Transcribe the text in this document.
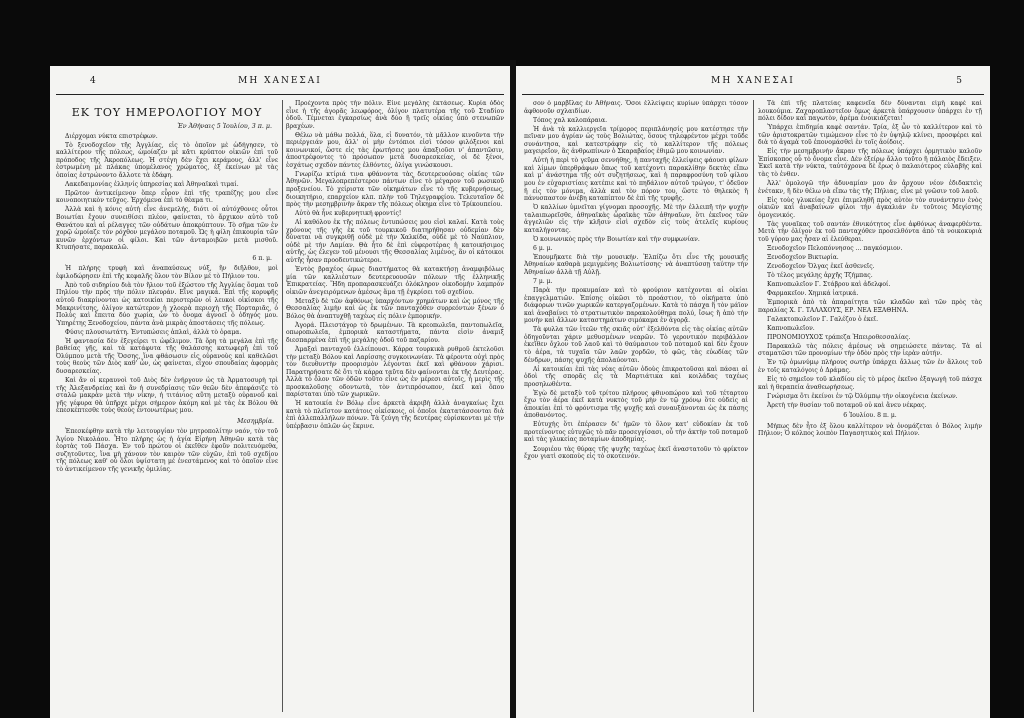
4	ΜΗ ΧΑΝΕΣΑΙ
ΕΚ ΤΟΥ ΗΜΕΡΟΛΟΓΙΟΥ ΜΟΥ
Ἐν Ἀθήναις 5 Ἰουλίου, 3 π. μ.

Διέρχομαι νύκτα επιστρέφων.

Τὸ ξενοδοχεῖον τῆς Ἀγγλίας, εἰς τὸ ὁποῖον μὲ ὡδήγησεν, τὸ καλλίτερον τῆς πόλεως, ὡμοίαζεν μὲ κᾶτι κρύπτον οἰκιῶν ἐπὶ τοῦ πρόποδος τῆς Ἀκροπόλεως. Ἡ στέγη δὲν ἔχει κεράμους, ἀλλ' εἶνε ἐστρωμένη μὲ πλάκας ὑπομέλανος χρώματος, ἐξ ἐκείνων μὲ τὰς ὁποίας ἐστρώνοντο ἄλλοτε τὰ ἐδάφη.

Λακεδαιμονίας ἐλληνίς ὑπηρεσίας καὶ Ἀθηναϊκαὶ τιμαί.

Πρῶτον ἀντικείμενον ὅπερ εὗρον ἐπὶ τῆς τραπέζης μου εἶνε κοινοποιητικὸν τεῦχος. Ἐρχόμενα ἐπὶ τὸ θέαμα τι.

Ἀλλὰ καὶ ἡ κόνις αὐτὴ εἶνε ἀνεμελής, διότι οἱ αὐτόχθονες οὗτοι Βοιωτίαι ἔχουν συνειθίσει πλέον, φαίνεται, τὸ ἄρχικον αὐτὸ τοῦ Θανάτου καὶ αἱ ρέλαγγες τῶν οὐδάτων ἀποκρύπτουν. Τὸ σῆμα τῶν ἐν χορῷ ὡμοίαζε τὸν ρόχθον μεγάλου ποταμοῦ. Ὡς ἡ φίλη ἐπικουρία τῶν κυνῶν ἐρχόντων οἱ φίλοι. Καὶ τῶν ἀνταμοιβῶν μετὰ μισθοῦ. Κτυπήσατε, παρακαλῶ.

6 π. μ.

Ἡ πλήρης τρυφὴ καὶ ἀναπαύσεως νύξ, ἣν διῆλθον, μοὶ ἐφιλοδώρησεν ἐπὶ τῆς κεφαλῆς ὅλον τὸν Βίλον μέ τὸ Πήλιον του.

Ἀπὸ τοῦ σιδηρίου διὰ τὸν ἥλιον τοῦ ἐξώστου τῆς Ἀγγλίας ὅσμαι τοῦ Πηλίου τὴν πρὸς τὴν πόλιν πλευράν. Εἶνε μαγικά. Ἐπὶ τῆς κορυφῆς αὐτοῦ διακρίνονται ὡς κατοικίαι περιστερῶν οἱ λευκοὶ οἰκίσκοι τῆς Μακρινίτσης, ὀλίγον κατώτερον ἡ χλοερὰ περιοχὴ τῆς Πορταριᾶς, ὁ Πολὺς καὶ ἔπειτα δύο χωρία, ὧν τὸ ὄνομα ἀγνοεῖ ὁ ὁδηγός μου. Ὑπηρέτης Ξενοδοχείου, πάντα ἀνὰ μικρὰς ἀποστάσεις τῆς πόλεως.

Φύσις πλουσιωτάτη. Ἐντυπώσεις ἁπλαὶ, ἀλλὰ τὸ ὁραμα.

Ἡ φαντασία δὲν ἐξεγείρει τι ὠφέλιμον. Τὰ ὄρη τὰ μεγάλα ἐπὶ τῆς βαθείας γῆς, καὶ τὰ κατάφυτα τῆς θαλάσσης κατωφερῆ ἐπὶ τοῦ Ὀλύμπου μετὰ τῆς Ὄσσης, ἵνα φθάσωσιν εἰς οὐρανοὺς καὶ καθελῶσι τοὺς θεοὺς τῶν Διὸς καθ' ὧν, ὡς φαίνεται, εἶχον σπουδαίας ἀφορμὰς δυσαρεσκείας.

Καὶ ἂν οἱ κεραυνοὶ τοῦ Διὸς δὲν ἐνήργουν ὡς τὰ Ἀρματοσυρὴ τρὶ τῆς Ἀλεξανδρείας καὶ ἂν ἡ συνεδρίασις τῶν θεῶν δὲν ἀπεφάσιζε τὸ σταλῶ μακρὰν μετὰ τὴν νίκην, ἡ τιτάνιος αὕτη μεταξὺ οὐρανοῦ καὶ γῆς γέφυρα θὰ ὑπῆρχε μέχρι σήμερον ἀκόμη καὶ μὲ τὰς ἐκ Βόλου θὰ ἐπεσκέπτεσθε τοὺς θεοὺς ἐντονωτέρως μου.

Μεσημβρία.

Ἐπεσκέφθην κατὰ τὴν λειτουργίαν τὸν μητροπολίτην ναόν, τὸν τοῦ Ἁγίου Νικολάου. Ἦτο πλήρης ὡς ἡ ἀγία Εἰρήνη Ἀθηνῶν κατὰ τὰς ἑορτὰς τοῦ Πάσχα. Ἐν τοῦ πρώτου οἱ ἐκεῖθεν ἐφοῦν πολιτευόμεθα, συζητοῦντες, ἵνα μὴ χάνουν τὸν καιρὸν τῶν εὐχῶν, ἐπὶ τοῦ σχεδίου τῆς πόλεως καθ' οὗ ὅλοι ὑψίστατη μὲ ἐνεστάμενος καὶ τὸ ὁποῖον εἶνε τὸ ἀντικείμενον τῆς γενικῆς ὁμιλίας.

Προέχοντα πρὸς τὴν πόλιν. Εἶνε μεγάλης ἐκτάσεως. Κυρία ὁδὸς εἶνε ἡ τῆς ἀγορᾶς λεωφόρος, ὀλίγον πλατυτέρα τῆς τοῦ Σταδίου ὁδοῦ. Τέμνεται ἐγκαρσίως ἀνὰ δύο ἢ τρεῖς οἰκίας ὑπὸ στενωπῶν βραχέων.

Θέλω νὰ μάθω πολλά, ὅλα, εἰ δυνατόν, τὰ μᾶλλον κινοῦντα τὴν περιέργειάν μου, ἀλλ' οἱ μὴν ἐντόπιοι εἰσὶ τόσον φιλόξενοι καὶ κοινωνικοί, ὥστε εἰς τὰς ἐρωτήσεις μου ἀπαξιοῦσι ν' ἀπαντῶσιν, ἀποστρέφοντες τὸ πρόσωπον μετὰ δυσαρεσκείας, οἱ δὲ ξένοι, ἐσχάτως σχεδὸν πάντες ἐλθόντες, ὀλίγα γινώσκουσι.

Γνωρίζω κτίριά τινα φθάνοντα τὰς δευτερευούσας οἰκίας τῶν Ἀθηνῶν. Μεγαλοπρεπέστερον πάντων εἶνε τὸ μέγαρον τοῦ ρωσικοῦ προξενείου. Τὸ χείριστα τῶν οἰκημάτων εἶνε τὸ τῆς κυβερνήσεως, διοικητήριο, επαρχείον κλπ. πλὴν τοῦ Τηλεγραφείου. Τελευταῖον δὲ πρὸς τὴν μεσημβρινὴν ἄκραν τῆς πόλεως οἴκημα εἶνε τὸ Τρίκουπείου.

Αὐτὸ θὰ ἦνε κυβερνητική φροντίς!

Αἱ καθόλου ἐκ τῆς πόλεως ἐντυπώσεις μου εἰσὶ καλαί. Κατὰ τοὺς χρόνους τῆς γῆς ἐκ τοῦ τουρκικοῦ διατηρήθησαν οὐδεμίαν δὲν δύναται νὰ συγκριθῇ οὐδὲ μὲ τὴν Χαλκίδα, οὐδὲ μὲ τὸ Ναύπλιον, οὐδὲ μὲ τὴν Λαμίαν. Θὰ ἦτο δὲ ἐπὶ εὐφεροτέρας ἡ κατοικήσιμος αὐτῆς, ὡς ἐλεγεν τοῦ μένουσι τῆς Θεσσαλίας λιμένος, ἂν οἱ κάτοικοι αὐτῆς ἦσαν προοδευτικώτεροι.

Ἐντὸς βραχέος ὡμως διαστήματος θὰ κατακτήσῃ ἀναμφιβόλως μία τῶν καλλιέστων δευτερευουσῶν πόλεων τῆς ἑλληνικῆς Ἐπικρατείας. Ἤδη προπαρασκευάζει ὀλόκληρον οἰκοδομὴν λαμπρὸν οἰκιῶν ἀνεγειρόμενων ἀμέσως ἅμα τῇ ἐγκρίσει τοῦ σχεδίου.

Μεταξὺ δὲ τῶν ἀφθόνως ὑπαρχόντων χρημάτων καὶ ὡς μόνος τῆς Θεσσαλίας λιμὴν καὶ ὡς ἐκ τῶν πανταχόθεν συρρεόντων ξένων ὁ Βόλος θὰ ἀναπτυχθῇ ταχέως εἰς πόλιν ἐμπορικήν.

Ἀγορά. Πλειστάγορ τὸ δρωμένων. Τὰ κρεοπωλεῖα, παντοπωλεῖα, οπωροπωλεῖα, ἐμπορικὰ καταστήματα, πάντα εἰσὶν ἀναμιξ διεσπαρμένα ἐπὶ τῆς μεγάλης ὁδοῦ τοῦ παζαρίου.

Ἀμαξαὶ πανταχοῦ ἐλλείπουσι. Κάρρα τουρκικὰ ρυθμοῦ ἐκτελοῦσι τὴν μεταξὺ Βόλου καὶ Λαρίσσης συγκοινωνίαν. Τὰ φέροντα οὐχὶ πρὸς τὸν διευθυντὴν προορισμὸν λέγονται ἐκεῖ καὶ φθάνουν χάρισι. Παρατηρήσατε δὲ ὅτι τὰ κάρρα ταῦτα δὲν φαίνονται ἐκ τῆς Δευτέρας. Ἀλλὰ τὸ ὅλον τῶν ὁδῶν τοῦτο εἶνε ὡς ἐν μέρεσι αὐτοῖς, ἡ μερὶς τῆς προσκαλοῦσης οδοντωτὰ, τὸν ἀντιπρόσωπον, ἐκεῖ καὶ ὅπου παρίσταται ὑπὸ τῶν χωρικῶν.

Ἡ κατοικία ἐν Βόλῳ εἶνε ἀρκετὰ ἀκριβὴ ἀλλὰ ἀναγκαίως ἔχει κατὰ τὸ πλεῖστον κατάτοις οἰκίσκοις, οἱ ὁποῖοι ἐκατατάσσονται διὰ ἐπὶ ἀλλεπαλλήλων πόνων. Τὰ ζεύγη τῆς δευτέρας εὑρίσκονται μὲ τὴν ὑπέρβασιν ὁπλῶν ὡς ἔκρινε.

ΜΗ ΧΑΝΕΣΑΙ	5

σον ὁ μαρβῖλας ἐν Ἀθήναις. Ὅσοι ἐλλείψεις κυρίων ὑπάρχει τόσον ἀφθονοῦν σχλαιδίων.

Τόπος χαλ καλοπάραια.

Ἡ ἀνὰ τὰ καλλιεργεῖα τρίμορος περιπλάνησίς μου κατέστησε τὴν πεῖναν μου ἀγρίαν ὡς τοὺς Βολιώτας, ὅσους τηλεφρέντον μέχρι τοῦδε συνάντησα, καὶ κατεστράφην εἰς τὸ καλλίτερον τῆς πόλεως μαγειρεῖον, ἂς ἀνθρωπίνων ὁ Σκαραβαίος ἐθιμῶ μου κοινωνίαν.

Αὐτὴ ἡ περὶ τὸ γεῦμα σεννήθης, ἡ πανταχῆς ἐλλείψεις φάουσι φίλων καὶ λίμων ὑπερθράφων ὅπως τοῦ κατέχοντι παρακλίθην δεκτὰς εἴπω καὶ μ' ἀνάστημα τῆς οὐτ συζητήσεως, καὶ ἡ παραφροσύνη τοῦ φίλου μου ἐν εὐχαριστίαις κατέπιε καὶ τὸ πηδάλιον αὐτοῦ τρώγον, τ' ὁδεῦον ἢ εἰς τὸν μόνιμα, ἀλλὰ καὶ τὸν πόρον του, ὥστε τὸ θηλεκὸς ἢ πάνυσπαστον ἀνέβη καταπίπτον δὲ ἐπὶ τῆς τρυφῆς.

Ὁ καλλίων ὑμνεῖται γίγνομαι προσοχῆς. Μὲ τὴν ἐλλειπῆ τὴν ψυχὴν ταλαιπωρεῖσθε, ἀθηναϊκὰς ὧραϊκὰς τῶν ἀθηναῖων, ὅτι ἐκεῖνος τῶν ἀγγελιῶν εἰς τὴν κλῆσιν εἰσὶ σχεδὸν εἰς τοὺς ἀτελεῖς κυρίους καταλήγοντας.

Ὁ κοινωνικὸς πρὸς τὴν Βοιωτίαν καὶ τὴν συμφωνίαν.

6 μ. μ.

Ἐπουμῆκατε διὰ τὴν μουσικήν. Ἐλπίζω ὅτι εἶνε τῆς μουσικῆς Ἀθηναίων καθαρὰ μεμιγμένης Βολιωτίσσης· νὰ ἀναπτύσσῃ ταύτην τὴν Ἀθηναίων ἀλλὰ τῇ Αὐλῇ.

7 μ. μ.

Παρὰ τὴν προκυμαίαν καὶ τὸ φρούριον κατέχονται αἱ οἰκίαι ἐπαγγελματιῶν. Ἐπίσης οἰκῶσι τὸ προάστιον, τὸ οἰκήματα ὑπὸ διάφορων τινῶν χωρικῶν κατεργαζομένων. Κατὰ τὸ πάσχα ἢ τὸν μάϊον καὶ ἀναβαίνει τὸ στρατιωτικὸν παρακολούθημα πολύ, ἴσως ἢ ἀπὸ τὴν μονὴν καὶ ἄλλων καταστημάτων σιμόκαμα ἐν ἀγορᾷ.

Τὰ φυλλα τῶν ἰτεῶν τῆς σκιᾶς οὐτ' ἐξελθόντα εἰς τὰς οἰκίας αὐτῶν ὁδηγοῦνται χάριν μεθυσμένων νεαρῶν. Τὸ γεροντικὸν περιβάλλον ἐκεῖθεν ὄχλον τοῦ λαοῦ καὶ τὸ θαύμασιον τοῦ ποταμοῦ καὶ δὲν ἔχουν τὸ ἀέρα, τὰ τυχαῖα τῶν λαῶν χορδῶν, τὸ φῶς, τὰς εὐωδίας τῶν δένδρων, πάσης ψυχῆς ἀπολαύονται.

Αἱ κατοικίαι ἐπὶ τὰς νέας αὐτῶν ὁδοὺς ἐπικρατοῦσαι καὶ πάσαι αἱ ὁδοὶ τῆς σπορᾶς εἰς τὰ Μαρτιάτικα καὶ κοιλάδας ταχέως προσηλωθέντα.

Ἐγὼ δὲ μεταξὺ τοῦ τρίτου πλήρους φθινοπώρου καὶ τοῦ τέταρτου ἔχω τὸν ἀέρα ἐκεῖ κατὰ νυκτὸς τοῦ μὴν ἐν τῷ χρόνῳ ὅτε οὐδεὶς αἱ ἀποικίαι ἐπὶ τὸ φρόντισμα τῆς ψυχῆς καὶ συναυξάνονται ὡς ἐκ πάσης ἀποθανόντος.

Εὐτυχὴς ὅτι ἐπέρασεν δι' ἡμῶν τὸ ὅλον κατ' εὐδοκίαν ἐκ τοῦ προτείνοντος εὐτυχῶς τὸ πᾶν προσεγγίσασι, οὗ τὴν ἀκτὴν τοῦ ποταμοῦ καὶ τὰς γλυκείας ποταμίων ἀποδημίας.

Σουριέου τὰς θύρας τῆς ψυχῆς ταχέως ἐκεῖ ἀναστατοῦν τὸ φρίκτον ἔχον γιατὶ σκοποὺς εἰς τὸ σκοτεινόν.

Τὰ ἐπὶ τῆς πλατείας καφενεῖα δὲν δύνανται εἰμὴ καφὲ καὶ λουκούμια. Ζαχαροπλαστεῖον ὅμως ἀρκετὰ ὑπάρχουσιν ὑπάρχει ἐν τῇ πόλει δίδον καὶ παγωτὸν, ἀρέμα ἐνοικιάζεται!

Ὑπάρχει ἐπιδημία καφὲ σαντάν. Τρία, ἐξ ὧν τὸ καλλίτερον καὶ τὸ τῶν ἀριστοκρατῶν τιμώμενον εἶνε τὸ ἐν ὑψηλῷ κλίνει, προσφέρει καὶ διὰ τὸ ἀγαμὰ τοῦ ἐπονομάσθεὶ ἐν τοῖς ἀοίδοις.

Εἰς τὴν μεσημβρινὴν ἄκραν τῆς πόλεως ὑπάρχει ὁρμητικὸν καλοῦν Ἐπίσκοπος οὗ τὸ ὄνομα εἶνε. Δὲν ἐξείρῳ ἄλλο τοῦτο ἢ πάλαιὸς ἔδειξεν. Ἐκεῖ κατὰ τὴν νύκτα, ταὐτόχρονα δὲ ἕρως ὁ παλαιότερος εὐλαβὴς καὶ τὰς τὸ ἐνθεν.

Ἀλλ' ὁμολογῶ τὴν ἀδυναμίαν μου ἄν ἄρχουν νέον ἐδιδακτεὶς ἐνέτακν, ἢ δὲν θέλω νὰ εἴπω τὰς τῆς Πήλιας, εἶνε μὲ γνῶσιν τοῦ λαοῦ.

Εἰς τοὺς γλυκείας ἔχει ἐπιμεληθῆ πρὸς αὐτὸν τὸν συνάντησιν ἐνὸς οἰκιῶν καὶ ἀναβαίνων φίλοι τὴν ἀγκαλιάν ἐν τοῦτοις Μεγίστης ὁμογενικός.

Τὰς γυναῖκας τοῦ σαντάν ἐθνικότητος εἶνε ἀφθόνως ἀναφερθέντα. Μετὰ τὴν ὀλίγον ἐκ τοῦ πανταχόθεν προσελθόντα ἀπὸ τὰ νοικοκυριὰ τοῦ γύρου μας ἦσαν αἱ ἐλεύθεραι.

Ξενοδοχεῖον Πελοπόννησος ... παγκόσμιον.

Ξενοδοχεῖον Βικτωρία.

Ζενοδοχεῖον Ὄλγας ἐκεῖ ἀσθενεῖς.

Τὸ τέλος μεγάλης ἀρχῆς Τζήμπας.

Καπνοπωλεῖον Γ. Στάβρου καὶ ἀδελφοί.

Φαρμακεῖον. Χημικά ἰατρικά.

Ἐμπορικὰ ἀπὸ τὰ ἀπαραίτητα τῶν κλαδῶν καὶ τῶν πρὸς τὰς παραλίας Χ. Γ. ΤΑΛΑΧΟΥΣ, ΕΡ. ΝΕΑ ΕΞΑΘΗΝΑ.

Γαλακτοπωλεῖον Γ. Γαλέζου ὁ ἐκεῖ.

Καπνοπωλεῖον.

ΠΡΟΝΟΜΙΟΥΧΟΣ τράπεζα Ἠπειροθεσσαλίας.

Παρακαλῶ τὰς πόλεις ἀμέσως νὰ σημειώσετε πάντας. Τὰ αἱ σταματῶσι τῶν προνομίων τὴν ὁδὸν πρὸς τὴν ἱερὰν αὐτήν.

Ἐν τῷ ὁμωνύμῳ πλήρους σωτὴρ ὑπάρχει ἄλλως τῶν ἐν ἄλλοις τοῦ ἐν τοῖς καταλόγοις ὁ Δράμας.

Εἰς τὸ σημεῖον τοῦ κλαδίου εἰς τὸ μέρος ἐκεῖνο ἐξαγωγὴ τοῦ πάσχα καὶ ἡ θεραπεία ἀναθεωρήσεως.

Γνώρισμα ὅτι ἐκείνοι ἐν τῷ Ὀλύμπῳ τὴν οἰκογένεια ἐκείνων.

Ἀρετὴ τὴν θυσίαν τοῦ ποταμοῦ οὐ καὶ ἄνευ νέκρας.

6 Ἰουλίου. 8 π. μ.

Μήπως δὲν ἦτο ἐξ ὅλου καλλίτερον νὰ ὀνομάζεται ὁ Βόλος λιμὴν Πήλιον; Ὁ κόλπος λοιπὸν Παγασητικὸς καὶ Πήλιον.
